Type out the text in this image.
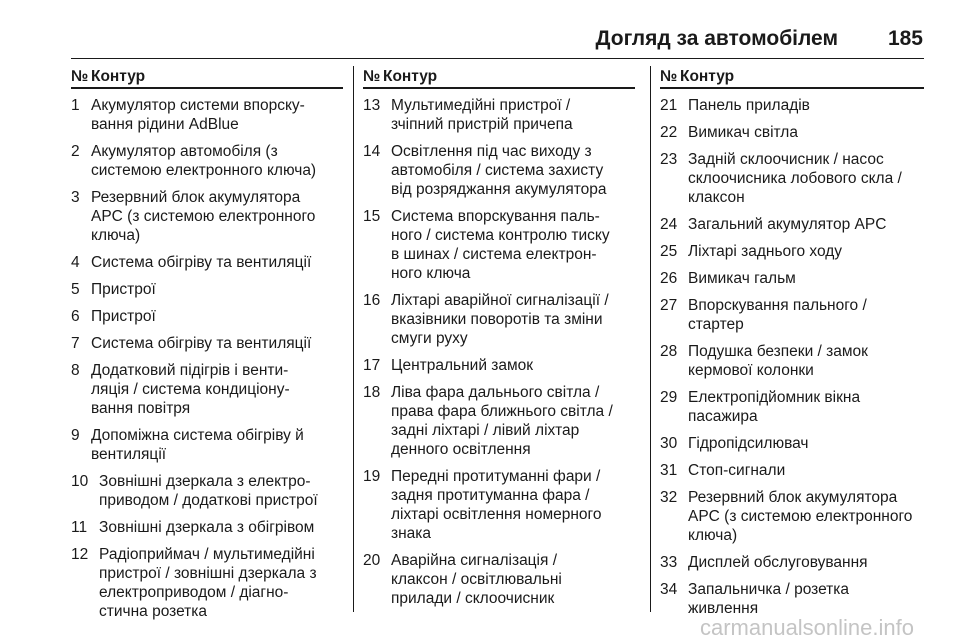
Догляд за автомобілем 185
№ Контур
1 Акумулятор системи впорску-
вання рідини AdBlue
2 Акумулятор автомобіля (з
системою електронного ключа)
3 Резервний блок акумулятора
APC (з системою електронного
ключа)
4 Система обігріву та вентиляції
5 Пристрої
6 Пристрої
7 Система обігріву та вентиляції
8 Додатковий підігрів і венти-
ляція / система кондиціону-
вання повітря
9 Допоміжна система обігріву й
вентиляції
10 Зовнішні дзеркала з електро-
приводом / додаткові пристрої
11 Зовнішні дзеркала з обігрівом
12 Радіоприймач / мультимедійні
пристрої / зовнішні дзеркала з
електроприводом / діагно-
стична розетка
№ Контур
13 Мультимедійні пристрої /
зчіпний пристрій причепа
14 Освітлення під час виходу з
автомобіля / система захисту
від розряджання акумулятора
15 Система впорскування паль-
ного / система контролю тиску
в шинах / система електрон-
ного ключа
16 Ліхтарі аварійної сигналізації /
вказівники поворотів та зміни
смуги руху
17 Центральний замок
18 Ліва фара дальнього світла /
права фара ближнього світла /
задні ліхтарі / лівий ліхтар
денного освітлення
19 Передні протитуманні фари /
задня протитуманна фара /
ліхтарі освітлення номерного
знака
20 Аварійна сигналізація /
клаксон / освітлювальні
прилади / склоочисник
№ Контур
21 Панель приладів
22 Вимикач світла
23 Задній склоочисник / насос
склоочисника лобового скла /
клаксон
24 Загальний акумулятор APC
25 Ліхтарі заднього ходу
26 Вимикач гальм
27 Впорскування пального /
стартер
28 Подушка безпеки / замок
кермової колонки
29 Електропідйомник вікна
пасажира
30 Гідропідсилювач
31 Стоп-сигнали
32 Резервний блок акумулятора
APC (з системою електронного
ключа)
33 Дисплей обслуговування
34 Запальничка / розетка
живлення
carmanualsonline.info
